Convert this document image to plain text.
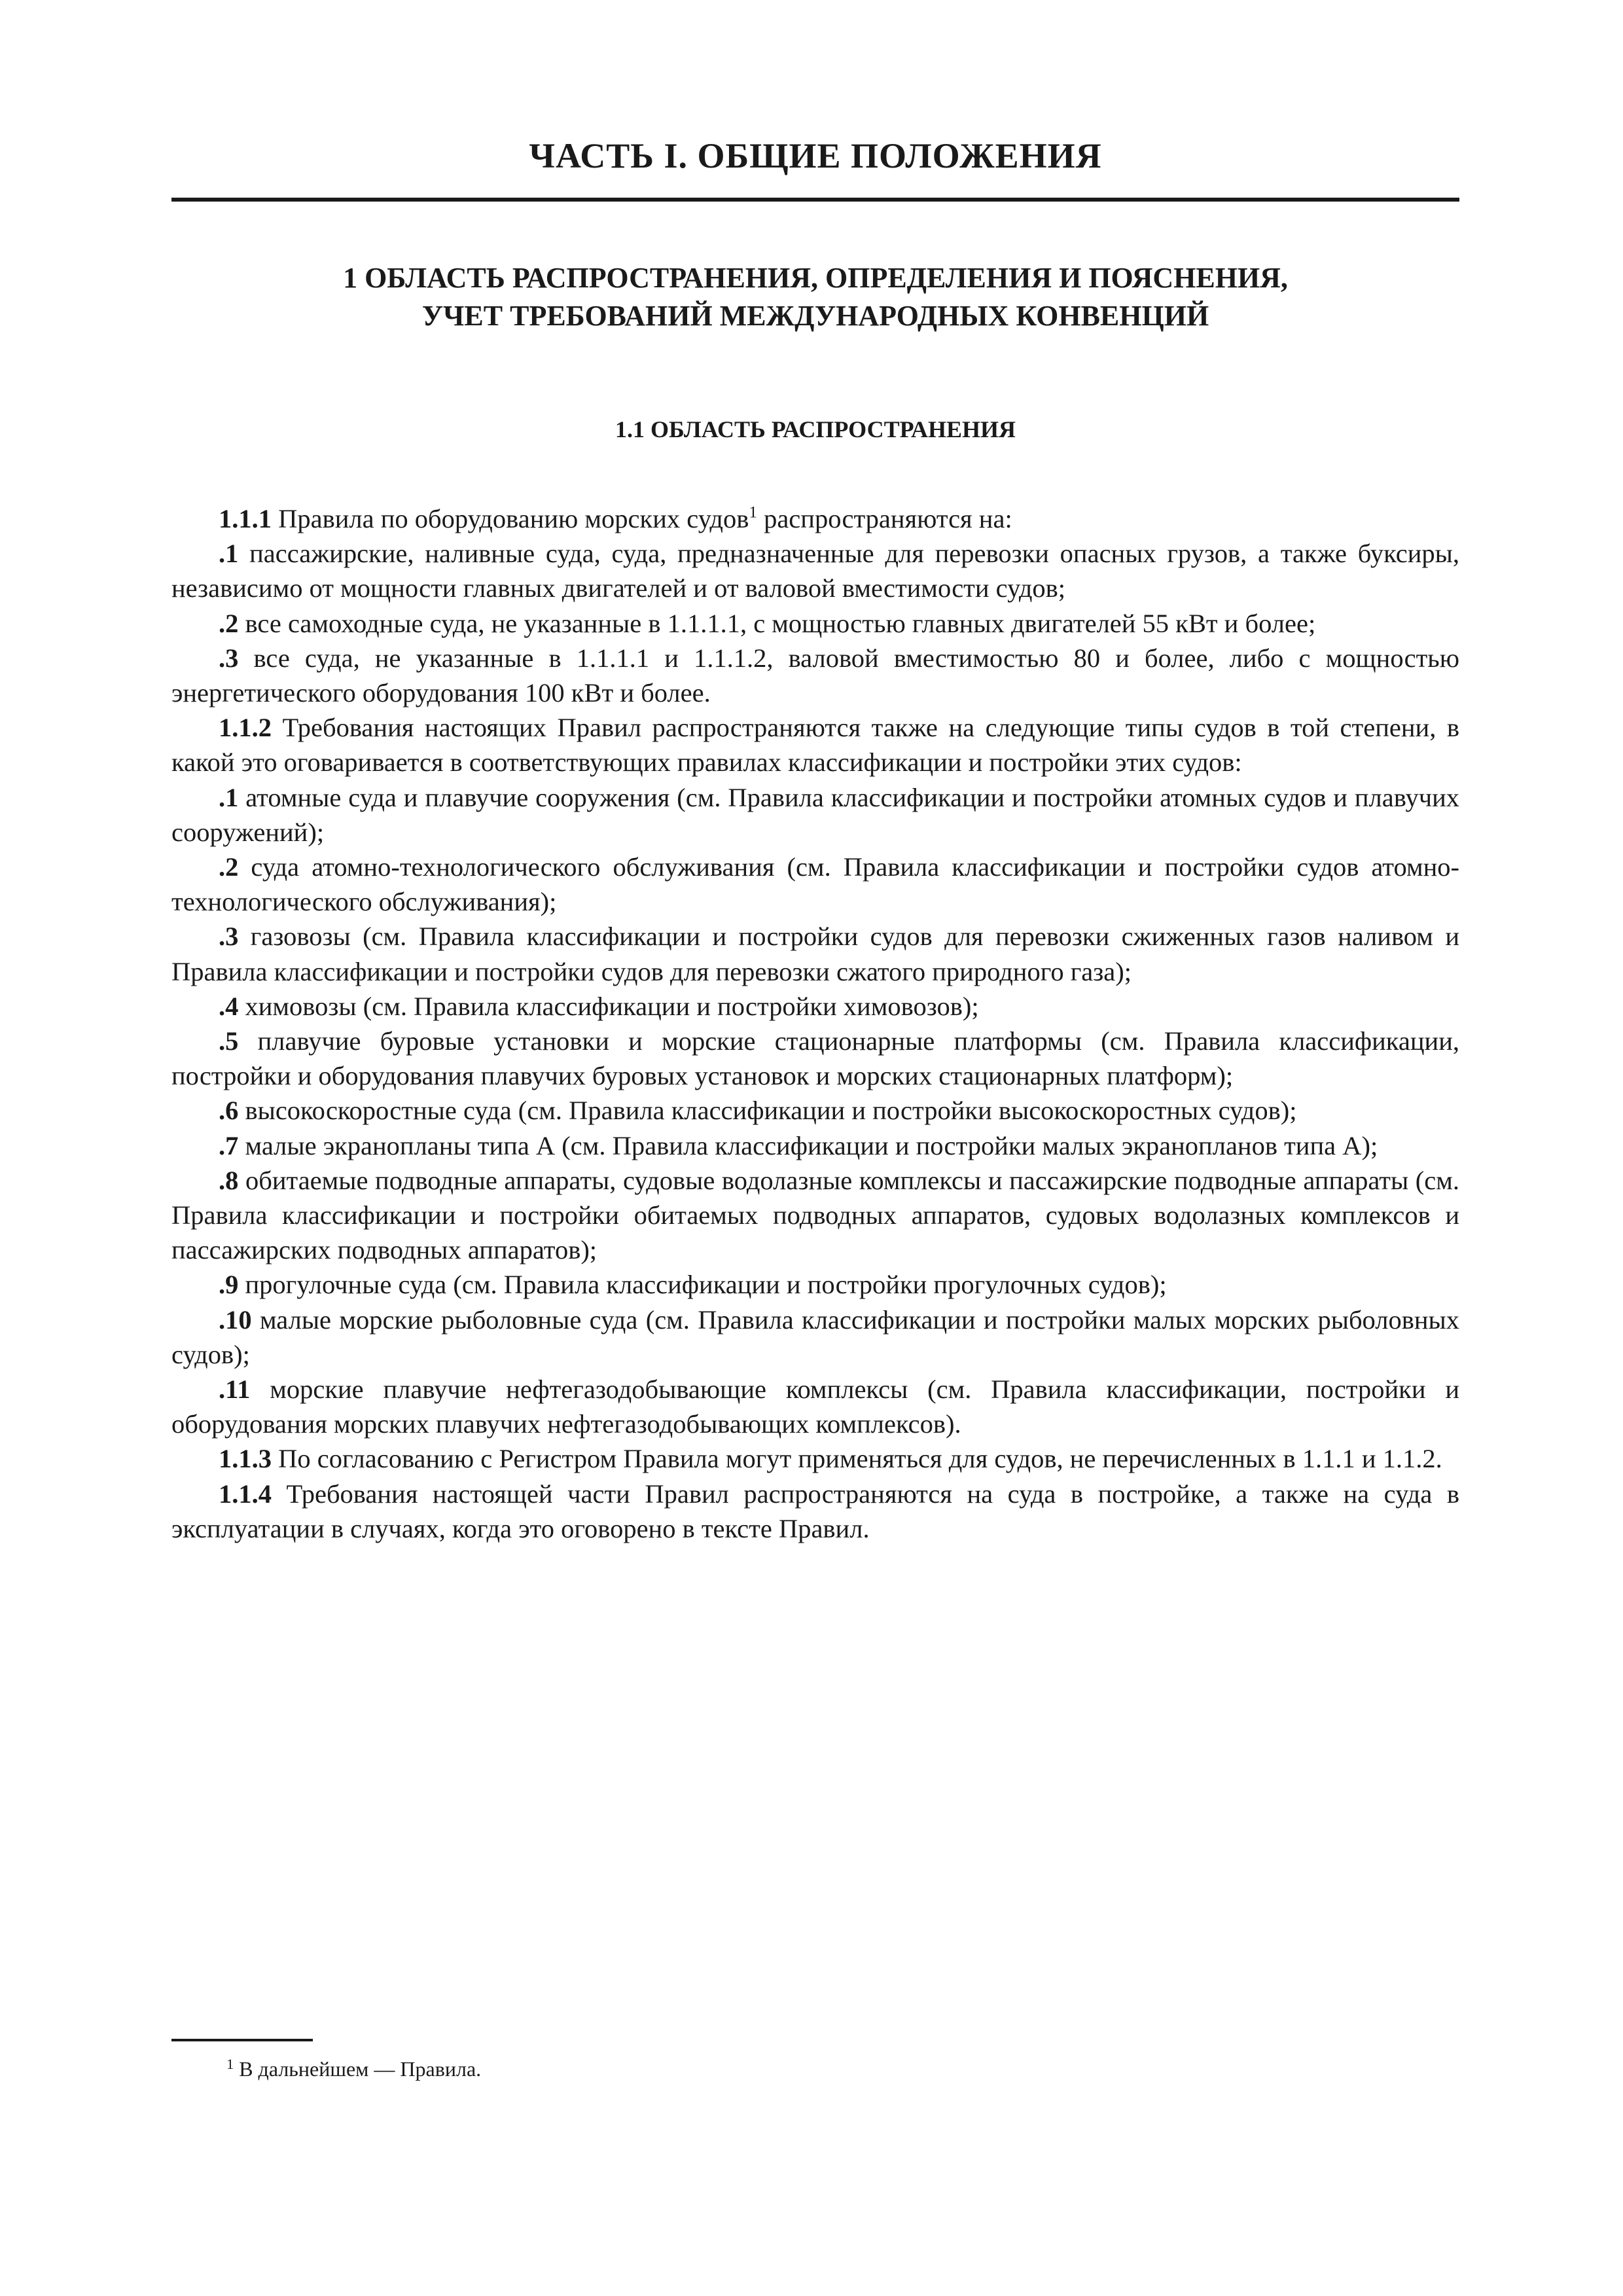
ЧАСТЬ I. ОБЩИЕ ПОЛОЖЕНИЯ
1 ОБЛАСТЬ РАСПРОСТРАНЕНИЯ, ОПРЕДЕЛЕНИЯ И ПОЯСНЕНИЯ,
УЧЕТ ТРЕБОВАНИЙ МЕЖДУНАРОДНЫХ КОНВЕНЦИЙ
1.1 ОБЛАСТЬ РАСПРОСТРАНЕНИЯ

1.1.1 Правила по оборудованию морских судов$^1$ распространяются на:

.1 пассажирские, наливные суда, суда, предназначенные для перевозки опасных грузов, а также буксиры, независимо от мощности главных двигателей и от валовой вместимости судов;

.2 все самоходные суда, не указанные в 1.1.1.1, с мощностью главных двигателей 55 кВт и более;

.3 все суда, не указанные в 1.1.1.1 и 1.1.1.2, валовой вместимостью 80 и более, либо с мощностью энергетического оборудования 100 кВт и более.

1.1.2 Требования настоящих Правил распространяются также на следующие типы судов в той степени, в какой это оговаривается в соответствующих правилах классификации и постройки этих судов:

.1 атомные суда и плавучие сооружения (см. Правила классификации и постройки атомных судов и плавучих сооружений);

.2 суда атомно-технологического обслуживания (см. Правила классификации и постройки судов атомно-технологического обслуживания);

.3 газовозы (см. Правила классификации и постройки судов для перевозки сжиженных газов наливом и Правила классификации и постройки судов для перевозки сжатого природного газа);

.4 химовозы (см. Правила классификации и постройки химовозов);

.5 плавучие буровые установки и морские стационарные платформы (см. Правила классификации, постройки и оборудования плавучих буровых установок и морских стационарных платформ);

.6 высокоскоростные суда (см. Правила классификации и постройки высокоскоростных судов);

.7 малые экранопланы типа А (см. Правила классификации и постройки малых экранопланов типа А);

.8 обитаемые подводные аппараты, судовые водолазные комплексы и пассажирские подводные аппараты (см. Правила классификации и постройки обитаемых подводных аппаратов, судовых водолазных комплексов и пассажирских подводных аппаратов);

.9 прогулочные суда (см. Правила классификации и постройки прогулочных судов);

.10 малые морские рыболовные суда (см. Правила классификации и постройки малых морских рыболовных судов);

.11 морские плавучие нефтегазодобывающие комплексы (см. Правила классификации, постройки и оборудования морских плавучих нефтегазодобывающих комплексов).

1.1.3 По согласованию с Регистром Правила могут применяться для судов, не перечисленных в 1.1.1 и 1.1.2.

1.1.4 Требования настоящей части Правил распространяются на суда в постройке, а также на суда в эксплуатации в случаях, когда это оговорено в тексте Правил.

$^1$ В дальнейшем — Правила.
